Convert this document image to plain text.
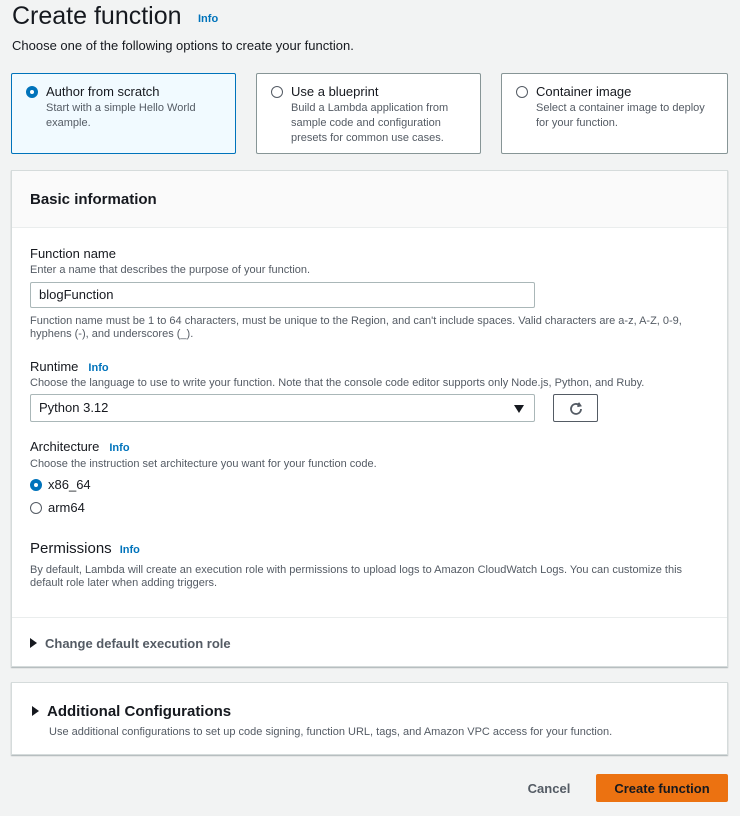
Create function Info
Choose one of the following options to create your function.
Author from scratch
Start with a simple Hello World example.
Use a blueprint
Build a Lambda application from sample code and configuration presets for common use cases.
Container image
Select a container image to deploy for your function.
Basic information
Function name
Enter a name that describes the purpose of your function.
blogFunction
Function name must be 1 to 64 characters, must be unique to the Region, and can't include spaces. Valid characters are a-z, A-Z, 0-9, hyphens (-), and underscores (_).
Runtime Info
Choose the language to use to write your function. Note that the console code editor supports only Node.js, Python, and Ruby.
Python 3.12
Architecture Info
Choose the instruction set architecture you want for your function code.
x86_64
arm64
Permissions Info
By default, Lambda will create an execution role with permissions to upload logs to Amazon CloudWatch Logs. You can customize this default role later when adding triggers.
Change default execution role
Additional Configurations
Use additional configurations to set up code signing, function URL, tags, and Amazon VPC access for your function.
Cancel	Create function
